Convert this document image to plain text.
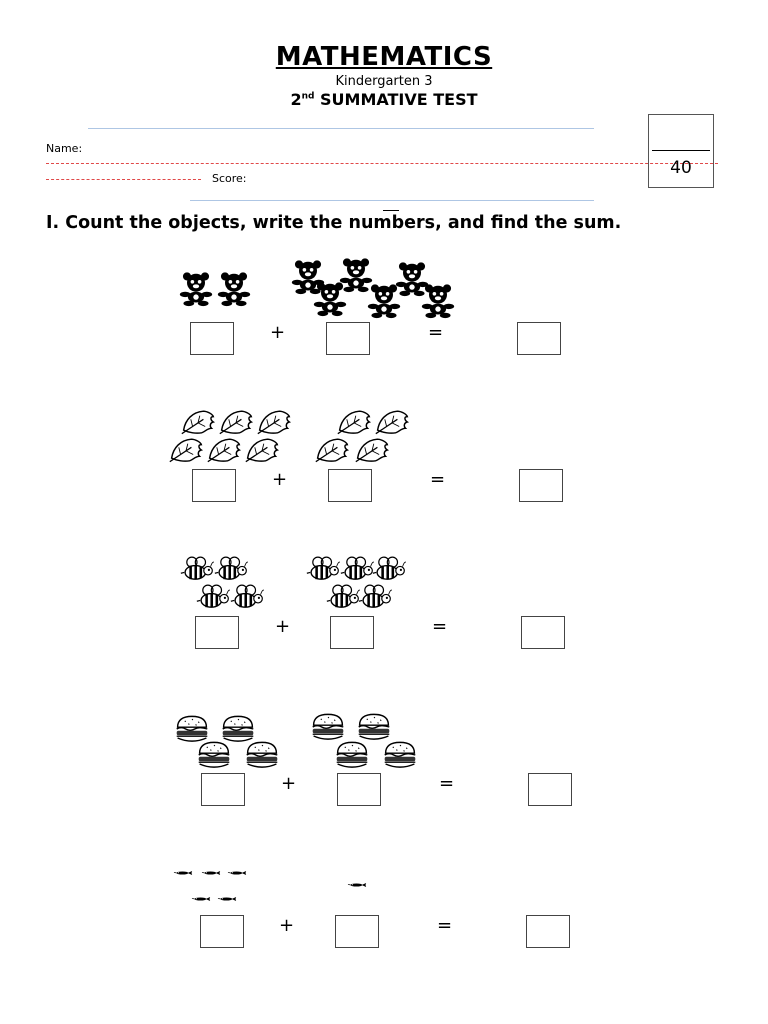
MATHEMATICS
Kindergarten 3
2nd SUMMATIVE TEST
Name:
Score:
40
I. Count the objects, write the numbers, and find the sum.
+	=
+	=
+	=
+	=
+	=
